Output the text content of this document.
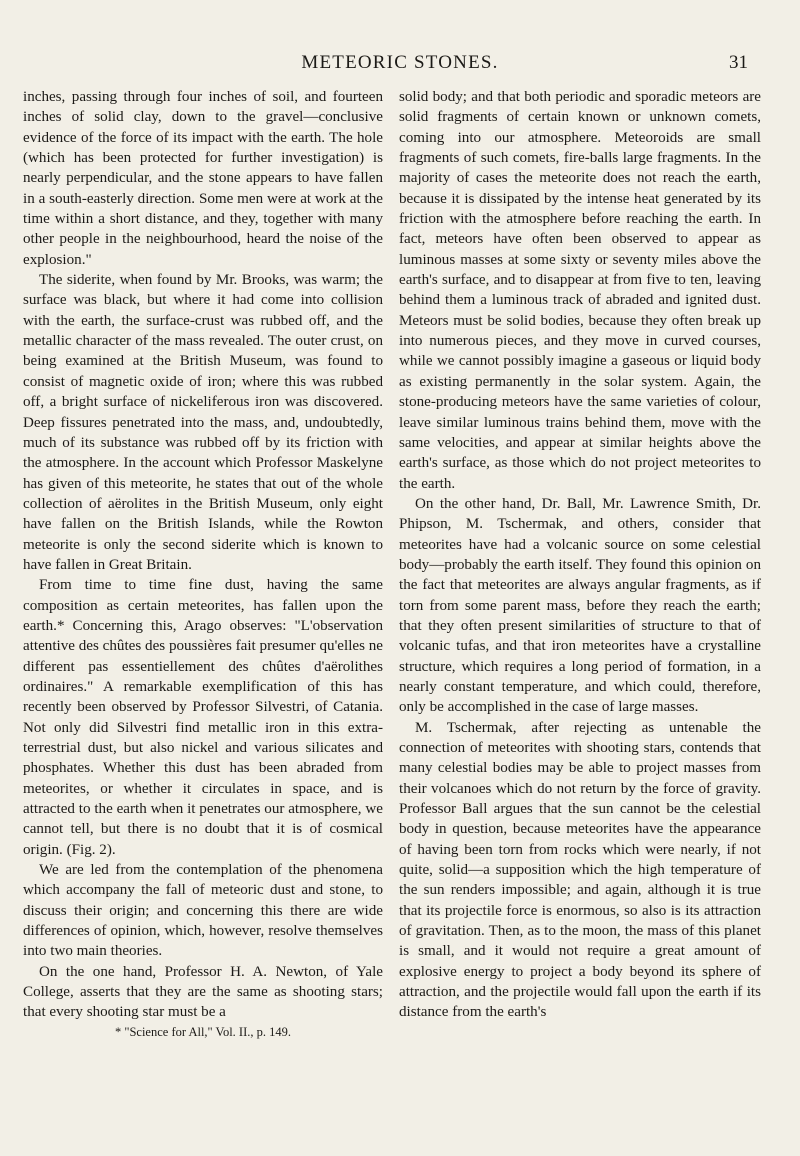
METEORIC STONES.	31

inches, passing through four inches of soil, and fourteen inches of solid clay, down to the gravel—conclusive evidence of the force of its impact with the earth. The hole (which has been protected for further investigation) is nearly perpendicular, and the stone appears to have fallen in a south-easterly direction. Some men were at work at the time within a short distance, and they, together with many other people in the neighbourhood, heard the noise of the explosion."

The siderite, when found by Mr. Brooks, was warm; the surface was black, but where it had come into collision with the earth, the surface-crust was rubbed off, and the metallic character of the mass revealed. The outer crust, on being examined at the British Museum, was found to consist of magnetic oxide of iron; where this was rubbed off, a bright surface of nickeliferous iron was discovered. Deep fissures penetrated into the mass, and, undoubtedly, much of its substance was rubbed off by its friction with the atmosphere. In the account which Professor Maskelyne has given of this meteorite, he states that out of the whole collection of aërolites in the British Museum, only eight have fallen on the British Islands, while the Rowton meteorite is only the second siderite which is known to have fallen in Great Britain.

From time to time fine dust, having the same composition as certain meteorites, has fallen upon the earth.* Concerning this, Arago observes: "L'observation attentive des chûtes des poussières fait presumer qu'elles ne different pas essentiellement des chûtes d'aërolithes ordinaires." A remarkable exemplification of this has recently been observed by Professor Silvestri, of Catania. Not only did Silvestri find metallic iron in this extra-terrestrial dust, but also nickel and various silicates and phosphates. Whether this dust has been abraded from meteorites, or whether it circulates in space, and is attracted to the earth when it penetrates our atmosphere, we cannot tell, but there is no doubt that it is of cosmical origin. (Fig. 2).

We are led from the contemplation of the phenomena which accompany the fall of meteoric dust and stone, to discuss their origin; and concerning this there are wide differences of opinion, which, however, resolve themselves into two main theories.

On the one hand, Professor H. A. Newton, of Yale College, asserts that they are the same as shooting stars; that every shooting star must be a

* "Science for All," Vol. II., p. 149.

solid body; and that both periodic and sporadic meteors are solid fragments of certain known or unknown comets, coming into our atmosphere. Meteoroids are small fragments of such comets, fire-balls large fragments. In the majority of cases the meteorite does not reach the earth, because it is dissipated by the intense heat generated by its friction with the atmosphere before reaching the earth. In fact, meteors have often been observed to appear as luminous masses at some sixty or seventy miles above the earth's surface, and to disappear at from five to ten, leaving behind them a luminous track of abraded and ignited dust. Meteors must be solid bodies, because they often break up into numerous pieces, and they move in curved courses, while we cannot possibly imagine a gaseous or liquid body as existing permanently in the solar system. Again, the stone-producing meteors have the same varieties of colour, leave similar luminous trains behind them, move with the same velocities, and appear at similar heights above the earth's surface, as those which do not project meteorites to the earth.

On the other hand, Dr. Ball, Mr. Lawrence Smith, Dr. Phipson, M. Tschermak, and others, consider that meteorites have had a volcanic source on some celestial body—probably the earth itself. They found this opinion on the fact that meteorites are always angular fragments, as if torn from some parent mass, before they reach the earth; that they often present similarities of structure to that of volcanic tufas, and that iron meteorites have a crystalline structure, which requires a long period of formation, in a nearly constant temperature, and which could, therefore, only be accomplished in the case of large masses.

M. Tschermak, after rejecting as untenable the connection of meteorites with shooting stars, contends that many celestial bodies may be able to project masses from their volcanoes which do not return by the force of gravity. Professor Ball argues that the sun cannot be the celestial body in question, because meteorites have the appearance of having been torn from rocks which were nearly, if not quite, solid—a supposition which the high temperature of the sun renders impossible; and again, although it is true that its projectile force is enormous, so also is its attraction of gravitation. Then, as to the moon, the mass of this planet is small, and it would not require a great amount of explosive energy to project a body beyond its sphere of attraction, and the projectile would fall upon the earth if its distance from the earth's
